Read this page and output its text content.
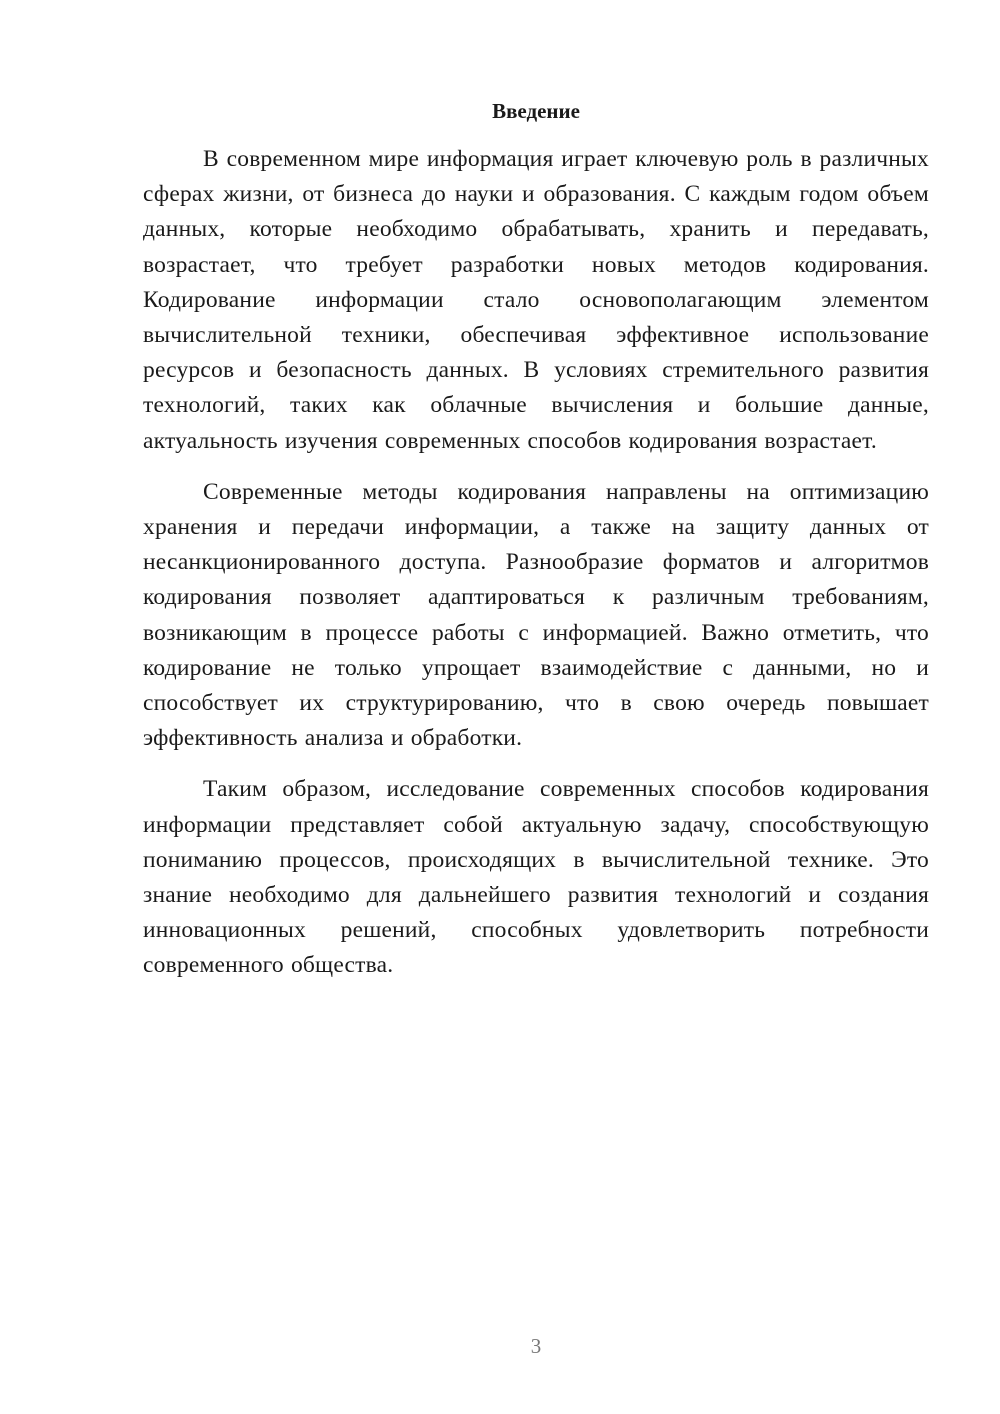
Введение

В современном мире информация играет ключевую роль в различных сферах жизни, от бизнеса до науки и образования. С каждым годом объем данных, которые необходимо обрабатывать, хранить и передавать, возрастает, что требует разработки новых методов кодирования. Кодирование информации стало основополагающим элементом вычислительной техники, обеспечивая эффективное использование ресурсов и безопасность данных. В условиях стремительного развития технологий, таких как облачные вычисления и большие данные, актуальность изучения современных способов кодирования возрастает.

Современные методы кодирования направлены на оптимизацию хранения и передачи информации, а также на защиту данных от несанкционированного доступа. Разнообразие форматов и алгоритмов кодирования позволяет адаптироваться к различным требованиям, возникающим в процессе работы с информацией. Важно отметить, что кодирование не только упрощает взаимодействие с данными, но и способствует их структурированию, что в свою очередь повышает эффективность анализа и обработки.

Таким образом, исследование современных способов кодирования информации представляет собой актуальную задачу, способствующую пониманию процессов, происходящих в вычислительной технике. Это знание необходимо для дальнейшего развития технологий и создания инновационных решений, способных удовлетворить потребности современного общества.

3
